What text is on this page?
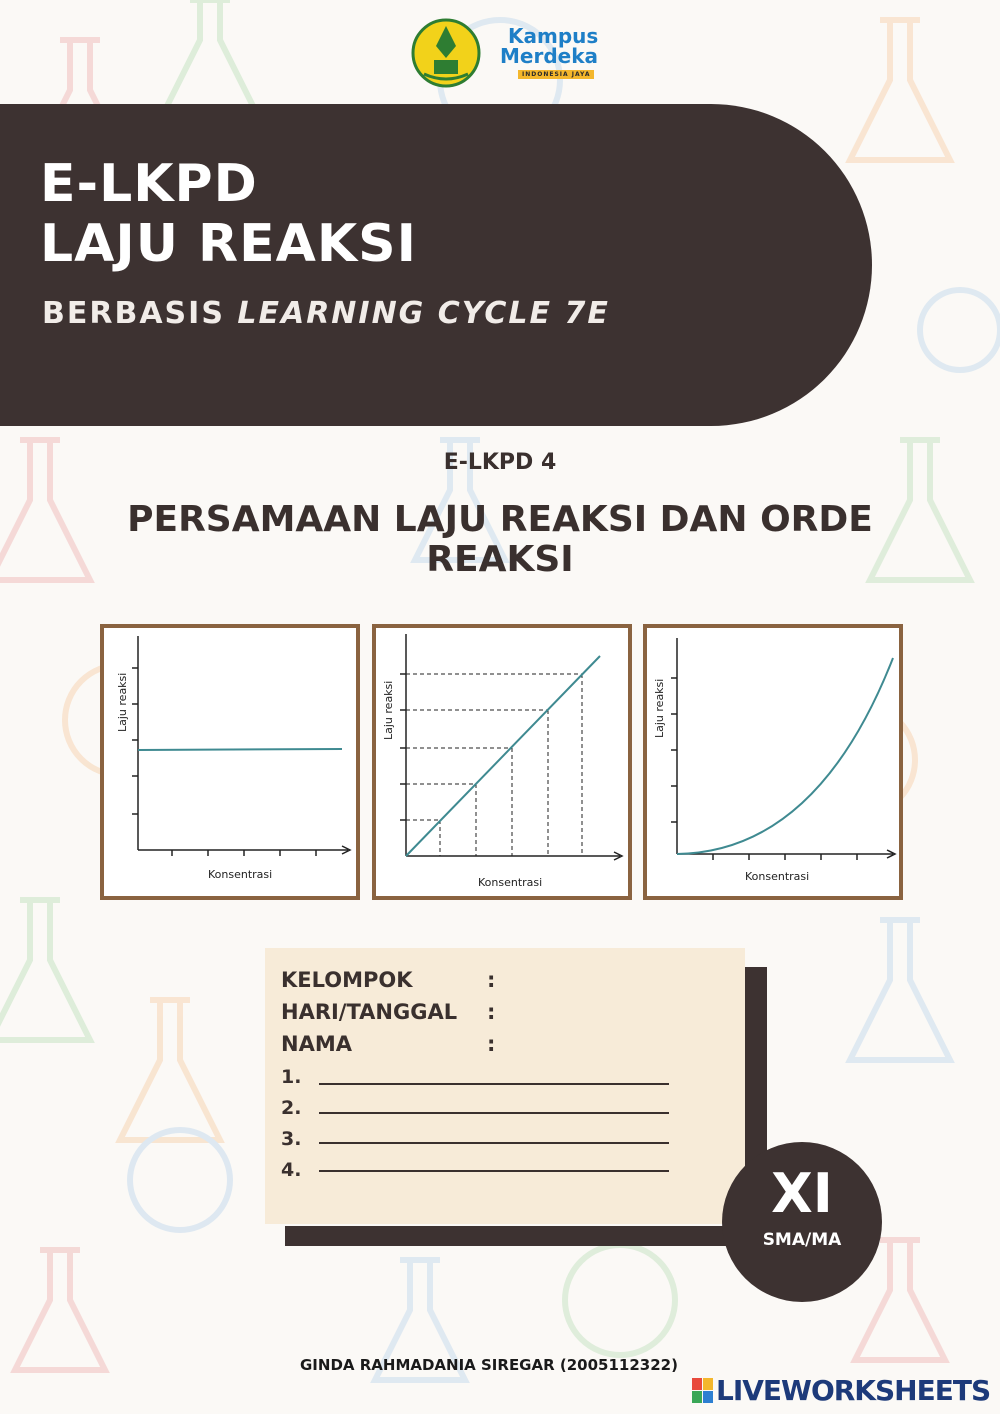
Kampus
Merdeka
INDONESIA JAYA
E-LKPD
LAJU REAKSI
BERBASIS LEARNING CYCLE 7E
E-LKPD 4
PERSAMAAN LAJU REAKSI DAN ORDE REAKSI
Laju reaksi
Konsentrasi
Laju reaksi
Konsentrasi
Laju reaksi
Konsentrasi
KELOMPOK	:
HARI/TANGGAL :
NAMA	:
1.
2.
3.
4.	XI
SMA/MA
GINDA RAHMADANIA SIREGAR (2005112322)
LIVEWORKSHEETS
